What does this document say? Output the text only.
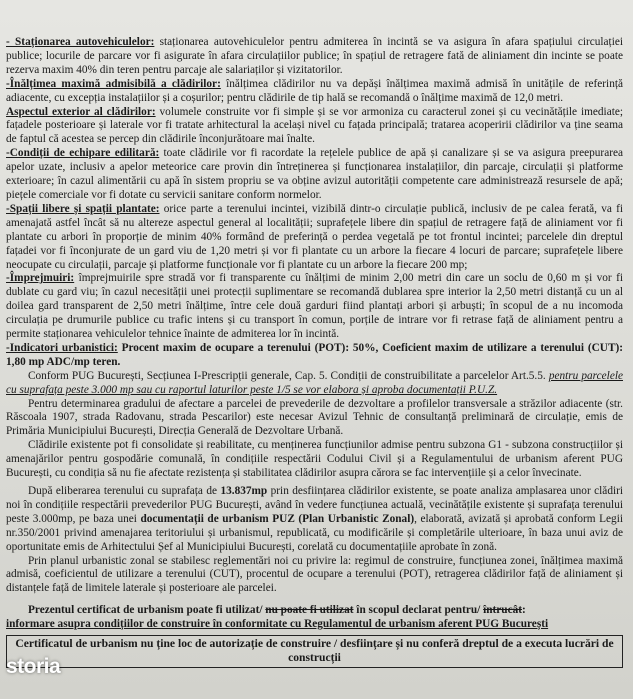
- Staționarea autovehiculelor: staționarea autovehiculelor pentru admiterea în incintă se va asigura în afara spațiului circulației publice; locurile de parcare vor fi asigurate în afara circulațiilor publice; în spațiul de retragere fată de aliniament din incinte se poate rezerva maxim 40% din teren pentru parcaje ale salariaților și vizitatorilor.

-Înălțimea maximă admisibilă a clădirilor: înălțimea clădirilor nu va depăși înălțimea maximă admisă în unitățile de referință adiacente, cu excepția instalațiilor și a coșurilor; pentru clădirile de tip hală se recomandă o înălțime maximă de 12,0 metri.

Aspectul exterior al clădirilor: volumele construite vor fi simple și se vor armoniza cu caracterul zonei și cu vecinătățile imediate; fațadele posterioare și laterale vor fi tratate arhitectural la același nivel cu fațada principală; tratarea acoperirii clădirilor va ține seama de faptul că acestea se percep din clădirile înconjurătoare mai înalte.

-Condiții de echipare edilitară: toate clădirile vor fi racordate la rețelele publice de apă și canalizare și se va asigura preepurarea apelor uzate, inclusiv a apelor meteorice care provin din întreținerea și funcționarea instalațiilor, din parcaje, circulații și platforme exterioare; în cazul alimentării cu apă în sistem propriu se va obține avizul autorității competente care administrează resursele de apă; piețele comerciale vor fi dotate cu servicii sanitare conform normelor.

-Spații libere și spații plantate: orice parte a terenului incintei, vizibilă dintr-o circulație publică, inclusiv de pe calea ferată, va fi amenajată astfel încât să nu altereze aspectul general al localității; suprafețele libere din spațiul de retragere față de aliniament vor fi plantate cu arbori în proporție de minim 40% formând de preferință o perdea vegetală pe tot frontul incintei; parcelele din dreptul fațadei vor fi înconjurate de un gard viu de 1,20 metri și vor fi plantate cu un arbore la fiecare 4 locuri de parcare; suprafețele libere neocupate cu circulații, parcaje și platforme funcționale vor fi plantate cu un arbore la fiecare 200 mp;

-Împrejmuiri: împrejmuirile spre stradă vor fi transparente cu înălțimi de minim 2,00 metri din care un soclu de 0,60 m și vor fi dublate cu gard viu; în cazul necesității unei protecții suplimentare se recomandă dublarea spre interior la 2,50 metri distanță cu un al doilea gard transparent de 2,50 metri înălțime, între cele două garduri fiind plantați arbori și arbuști; în scopul de a nu incomoda circulația pe drumurile publice cu trafic intens și cu transport în comun, porțile de intrare vor fi retrase față de aliniament pentru a permite staționarea vehiculelor tehnice înainte de admiterea lor în incintă.

-Indicatori urbanistici: Procent maxim de ocupare a terenului (POT): 50%, Coeficient maxim de utilizare a terenului (CUT): 1,80 mp ADC/mp teren.

Conform PUG București, Secțiunea I-Prescripții generale, Cap. 5. Condiții de construibilitate a parcelelor Art.5.5. pentru parcelele cu suprafața peste 3.000 mp sau cu raportul laturilor peste 1/5 se vor elabora și aproba documentații P.U.Z.

Pentru determinarea gradului de afectare a parcelei de prevederile de dezvoltare a profilelor transversale a străzilor adiacente (str. Răscoala 1907, strada Radovanu, strada Pescarilor) este necesar Avizul Tehnic de consultanță preliminară de circulație, emis de Primăria Municipiului București, Direcția Generală de Dezvoltare Urbană.

Clădirile existente pot fi consolidate și reabilitate, cu menținerea funcțiunilor admise pentru subzona G1 - subzona construcțiilor și amenajărilor pentru gospodărie comunală, în condițiile respectării Codului Civil și a Regulamentului de urbanism aferent PUG București, cu condiția să nu fie afectate rezistența și stabilitatea clădirilor asupra cărora se fac intervențiile și a celor învecinate.

După eliberarea terenului cu suprafața de 13.837mp prin desființarea clădirilor existente, se poate analiza amplasarea unor clădiri noi în condițiile respectării prevederilor PUG București, având în vedere funcțiunea actuală, vecinătățile existente și suprafața terenului peste 3.000mp, pe baza unei documentații de urbanism PUZ (Plan Urbanistic Zonal), elaborată, avizată și aprobată conform Legii nr.350/2001 privind amenajarea teritoriului și urbanismul, republicată, cu modificările și completările ulterioare, în baza unui aviz de oportunitate emis de Arhitectului Șef al Municipiului București, corelată cu documentațiile aprobate în zonă.

Prin planul urbanistic zonal se stabilesc reglementări noi cu privire la: regimul de construire, funcțiunea zonei, înălțimea maximă admisă, coeficientul de utilizare a terenului (CUT), procentul de ocupare a terenului (POT), retragerea clădirilor față de aliniament și distanțele față de limitele laterale și posterioare ale parcelei.

Prezentul certificat de urbanism poate fi utilizat/ nu poate fi utilizat în scopul declarat pentru/ întrucât:

informare asupra condițiilor de construire în conformitate cu Regulamentul de urbanism aferent PUG București

Certificatul de urbanism nu ține loc de autorizație de construire / desființare și nu conferă dreptul de a executa lucrări de construcții
storia
